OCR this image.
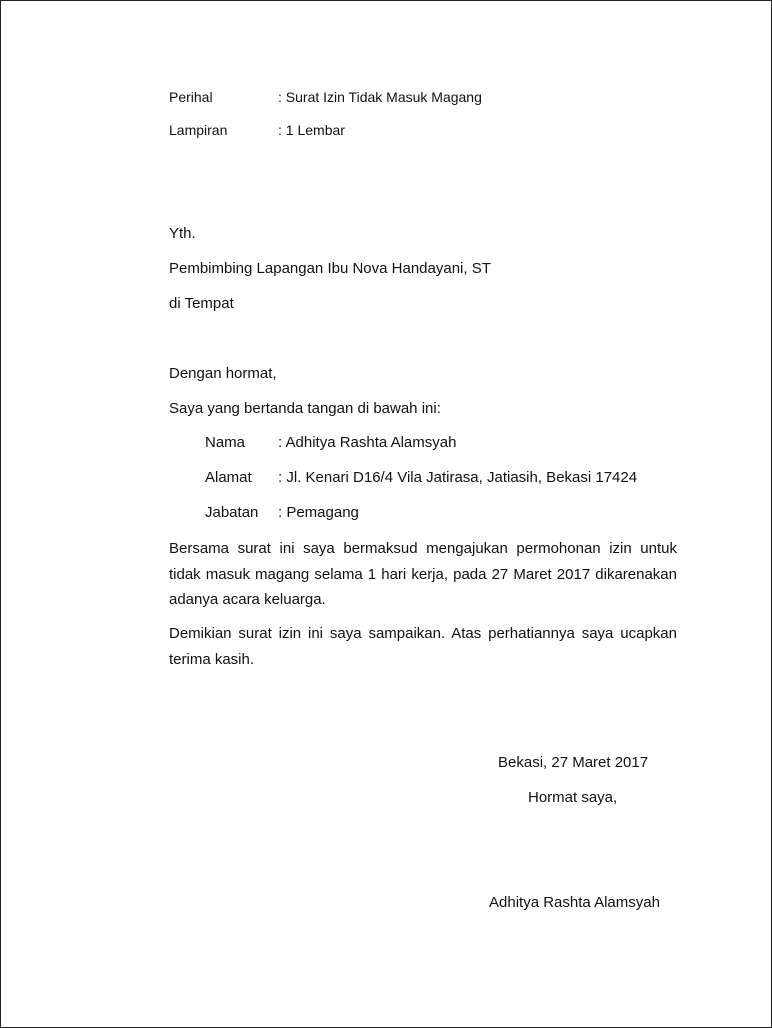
Perihal	: Surat Izin Tidak Masuk Magang
Lampiran	: 1 Lembar
Yth.
Pembimbing Lapangan Ibu Nova Handayani, ST
di Tempat
Dengan hormat,
Saya yang bertanda tangan di bawah ini:
Nama : Adhitya Rashta Alamsyah
Alamat : Jl. Kenari D16/4 Vila Jatirasa, Jatiasih, Bekasi 17424
Jabatan : Pemagang
Bersama surat ini saya bermaksud mengajukan permohonan izin untuk tidak masuk magang selama 1 hari kerja, pada 27 Maret 2017 dikarenakan adanya acara keluarga.
Demikian surat izin ini saya sampaikan. Atas perhatiannya saya ucapkan terima kasih.
Bekasi, 27 Maret 2017
Hormat saya,
Adhitya Rashta Alamsyah
